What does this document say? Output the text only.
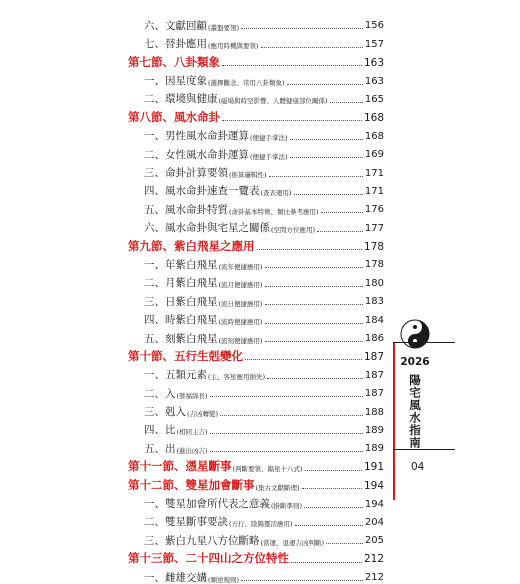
六、文獻回顧 (叢盤要領)	156
七、替卦應用 (應用時機與要領)	157
第七節、八卦類象	163
一、因星度象 (選擇觀念、常用八卦類象)	163
二、環境與健康 (磁場與時空影響、人體健康部位關係)	165
第八節、風水命卦	168
一、男性風水命卦運算 (便捷手掌法)	168
二、女性風水命卦運算 (便捷手掌法)	169
三、命卦計算要領 (推算邏輯性)	171
四、風水命卦速查一覽表 (查表運用)	171
五、風水命卦特質 (命卦基本特徵、類比參考應用)	176
六、風水命卦與宅星之關係 (空間方位應用)	177
第九節、紫白飛星之應用	178
一、年紫白飛星 (流年便捷應用)	178
二、月紫白飛星 (流月便捷應用)	180
三、日紫白飛星 (流日便捷應用)	183
四、時紫白飛星 (流時便捷應用)	184
五、刻紫白飛星 (流刻便捷應用)	186
第十節、五行生剋變化	187
一、五類元素 (主、客星應用損先)	187
二、入 (發福綿長)	187
三、剋入 (吉凶轉變)	188
四、比 (相同主吉)	189
五、出 (進出凶吉)	189
第十一節、憑星斷事 (判斷要領、隔星十八式)	191
第十二節、雙星加會斷事 (集古文獻斷理)	194
一、雙星加會所代表之意義 (掛斷準則)	194
二、雙星斷事要訣 (五行、陰陽靈活應用)	204
三、紫白九星八方位斷略 (當運、退運吉凶判斷)	205
第十三節、二十四山之方位特性	212
一、雌雄交媾 (順逆規則)	212
2026
陽宅風水指南
04
